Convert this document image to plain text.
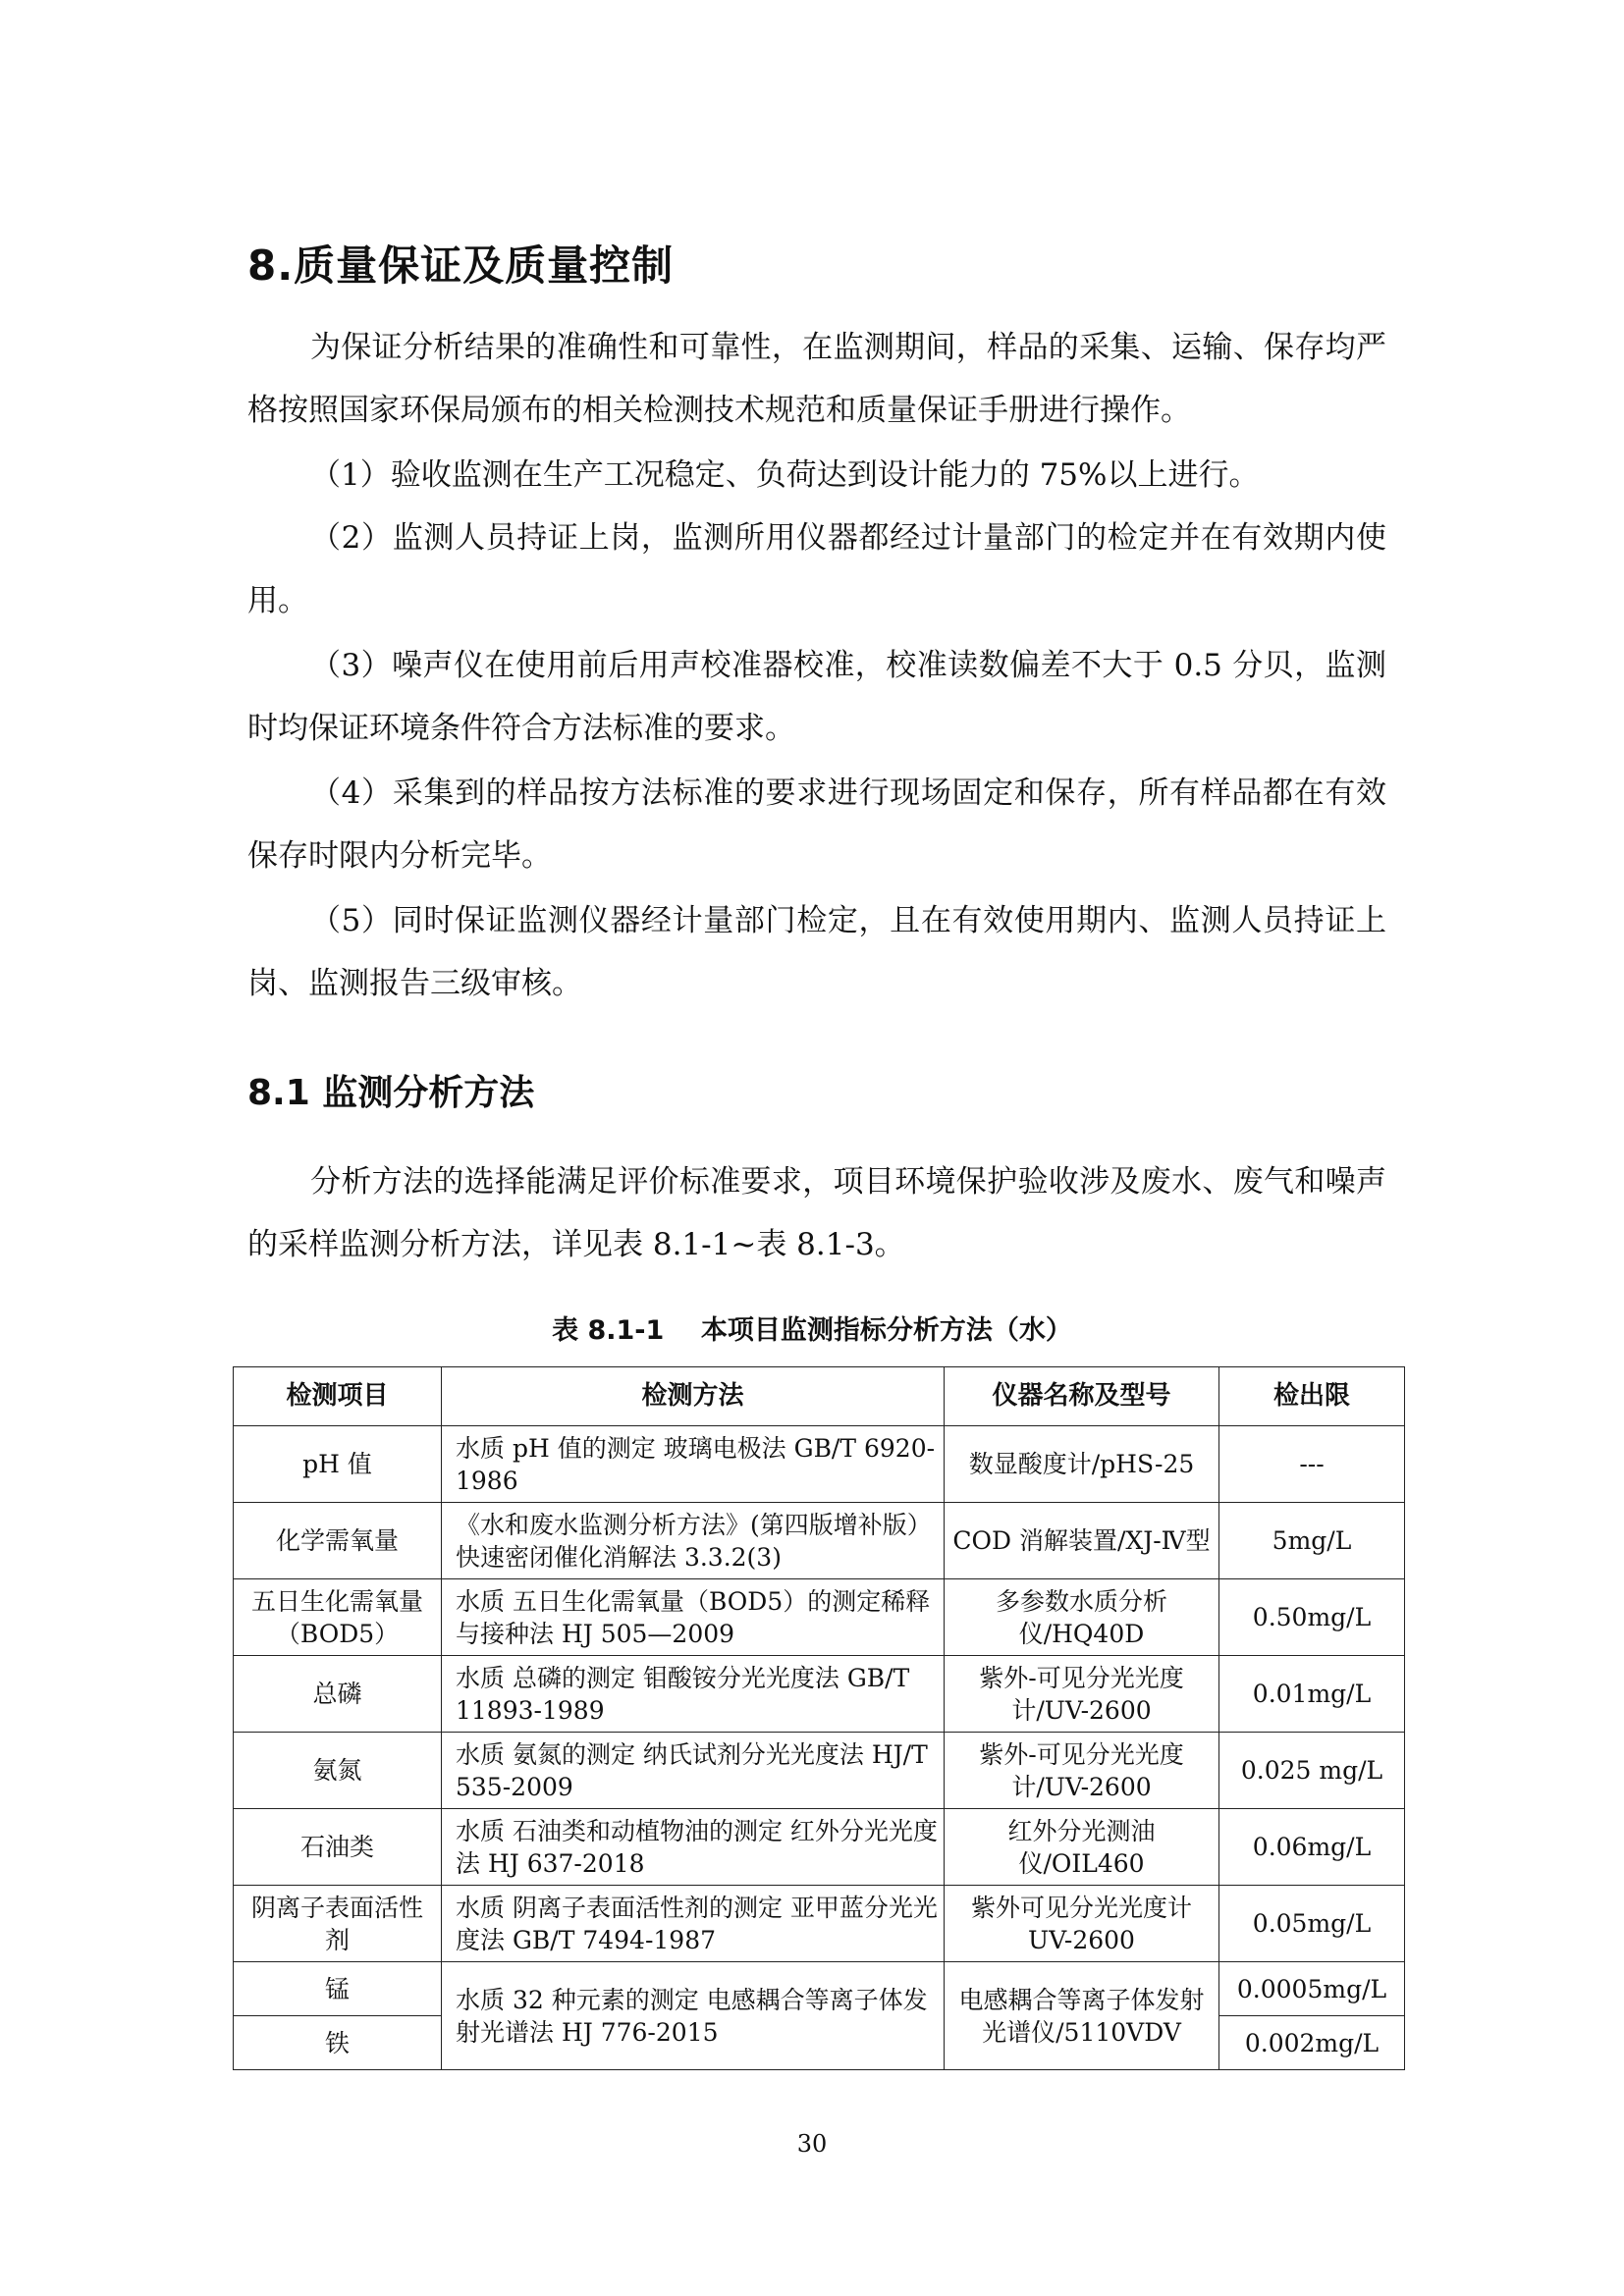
8.质量保证及质量控制

为保证分析结果的准确性和可靠性，在监测期间，样品的采集、运输、保存均严格按照国家环保局颁布的相关检测技术规范和质量保证手册进行操作。

（1）验收监测在生产工况稳定、负荷达到设计能力的 75%以上进行。

（2）监测人员持证上岗，监测所用仪器都经过计量部门的检定并在有效期内使用。

（3）噪声仪在使用前后用声校准器校准，校准读数偏差不大于 0.5 分贝，监测时均保证环境条件符合方法标准的要求。

（4）采集到的样品按方法标准的要求进行现场固定和保存，所有样品都在有效保存时限内分析完毕。

（5）同时保证监测仪器经计量部门检定，且在有效使用期内、监测人员持证上岗、监测报告三级审核。

8.1 监测分析方法

分析方法的选择能满足评价标准要求，项目环境保护验收涉及废水、废气和噪声的采样监测分析方法，详见表 8.1-1~表 8.1-3。

表 8.1-1    本项目监测指标分析方法（水）
检测项目	检测方法	仪器名称及型号	检出限
pH 值	水质 pH 值的测定 玻璃电极法 GB/T 6920-1986	数显酸度计/pHS-25	---
化学需氧量	《水和废水监测分析方法》(第四版增补版）快速密闭催化消解法 3.3.2(3)	COD 消解装置/XJ-Ⅳ型	5mg/L
五日生化需氧量（BOD5）	水质 五日生化需氧量（BOD5）的测定稀释与接种法 HJ 505—2009	多参数水质分析仪/HQ40D	0.50mg/L
总磷	水质 总磷的测定 钼酸铵分光光度法 GB/T 11893-1989	紫外-可见分光光度计/UV-2600	0.01mg/L
氨氮	水质 氨氮的测定 纳氏试剂分光光度法 HJ/T 535-2009	紫外-可见分光光度计/UV-2600	0.025 mg/L
石油类	水质 石油类和动植物油的测定 红外分光光度法 HJ 637-2018	红外分光测油仪/OIL460	0.06mg/L
阴离子表面活性剂	水质 阴离子表面活性剂的测定 亚甲蓝分光光度法 GB/T 7494-1987	紫外可见分光光度计 UV-2600	0.05mg/L
锰	水质 32 种元素的测定 电感耦合等离子体发射光谱法 HJ 776-2015	电感耦合等离子体发射光谱仪/5110VDV	0.0005mg/L
铁			0.002mg/L
30
